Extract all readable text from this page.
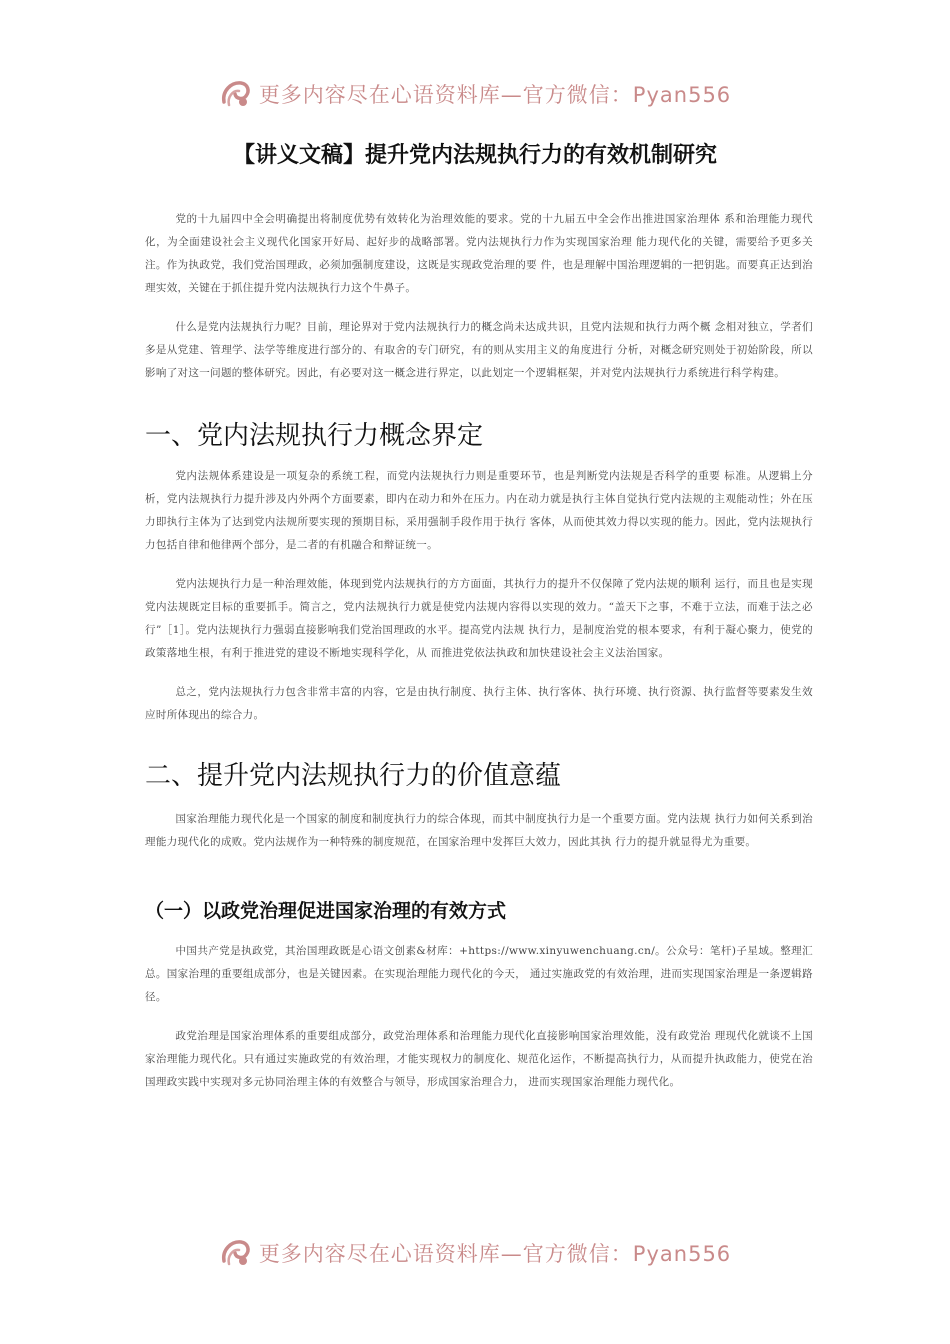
更多内容尽在心语资料库—官方微信：Pyan556
【讲义文稿】提升党内法规执行力的有效机制研究

党的十九届四中全会明确提出将制度优势有效转化为治理效能的要求。党的十九届五中全会作出推进国家治理体 系和治理能力现代化，为全面建设社会主义现代化国家开好局、起好步的战略部署。党内法规执行力作为实现国家治理 能力现代化的关键，需要给予更多关注。作为执政党，我们党治国理政，必须加强制度建设，这既是实现政党治理的要 件，也是理解中国治理逻辑的一把钥匙。而要真正达到治理实效，关键在于抓住提升党内法规执行力这个牛鼻子。

什么是党内法规执行力呢？目前，理论界对于党内法规执行力的概念尚未达成共识，且党内法规和执行力两个概 念相对独立，学者们多是从党建、管理学、法学等维度进行部分的、有取舍的专门研究，有的则从实用主义的角度进行 分析，对概念研究则处于初始阶段，所以影响了对这一问题的整体研究。因此，有必要对这一概念进行界定，以此划定一个逻辑框架，并对党内法规执行力系统进行科学构建。

一、党内法规执行力概念界定

党内法规体系建设是一项复杂的系统工程，而党内法规执行力则是重要环节，也是判断党内法规是否科学的重要 标准。从逻辑上分析，党内法规执行力提升涉及内外两个方面要素，即内在动力和外在压力。内在动力就是执行主体自觉执行党内法规的主观能动性；外在压力即执行主体为了达到党内法规所要实现的预期目标，采用强制手段作用于执行 客体，从而使其效力得以实现的能力。因此，党内法规执行力包括自律和他律两个部分，是二者的有机融合和辩证统一。

党内法规执行力是一种治理效能，体现到党内法规执行的方方面面，其执行力的提升不仅保障了党内法规的顺利 运行，而且也是实现党内法规既定目标的重要抓手。简言之，党内法规执行力就是使党内法规内容得以实现的效力。“盖天下之事，不难于立法，而难于法之必行”［1］。党内法规执行力强弱直接影响我们党治国理政的水平。提高党内法规 执行力，是制度治党的根本要求，有利于凝心聚力，使党的政策落地生根，有利于推进党的建设不断地实现科学化，从 而推进党依法执政和加快建设社会主义法治国家。

总之，党内法规执行力包含非常丰富的内容，它是由执行制度、执行主体、执行客体、执行环境、执行资源、执行监督等要素发生效应时所体现出的综合力。

二、提升党内法规执行力的价值意蕴

国家治理能力现代化是一个国家的制度和制度执行力的综合体现，而其中制度执行力是一个重要方面。党内法规 执行力如何关系到治理能力现代化的成败。党内法规作为一种特殊的制度规范，在国家治理中发挥巨大效力，因此其执 行力的提升就显得尤为重要。

（一）以政党治理促进国家治理的有效方式

中国共产党是执政党，其治国理政既是心语文创素&材库：+https://www.xinyuwenchuang.cn/。公众号：笔杆)子星域。整理汇总。国家治理的重要组成部分，也是关键因素。在实现治理能力现代化的今天， 通过实施政党的有效治理，进而实现国家治理是一条逻辑路径。

政党治理是国家治理体系的重要组成部分，政党治理体系和治理能力现代化直接影响国家治理效能，没有政党治 理现代化就谈不上国家治理能力现代化。只有通过实施政党的有效治理，才能实现权力的制度化、规范化运作，不断提高执行力，从而提升执政能力，使党在治国理政实践中实现对多元协同治理主体的有效整合与领导，形成国家治理合力， 进而实现国家治理能力现代化。

更多内容尽在心语资料库—官方微信：Pyan556
